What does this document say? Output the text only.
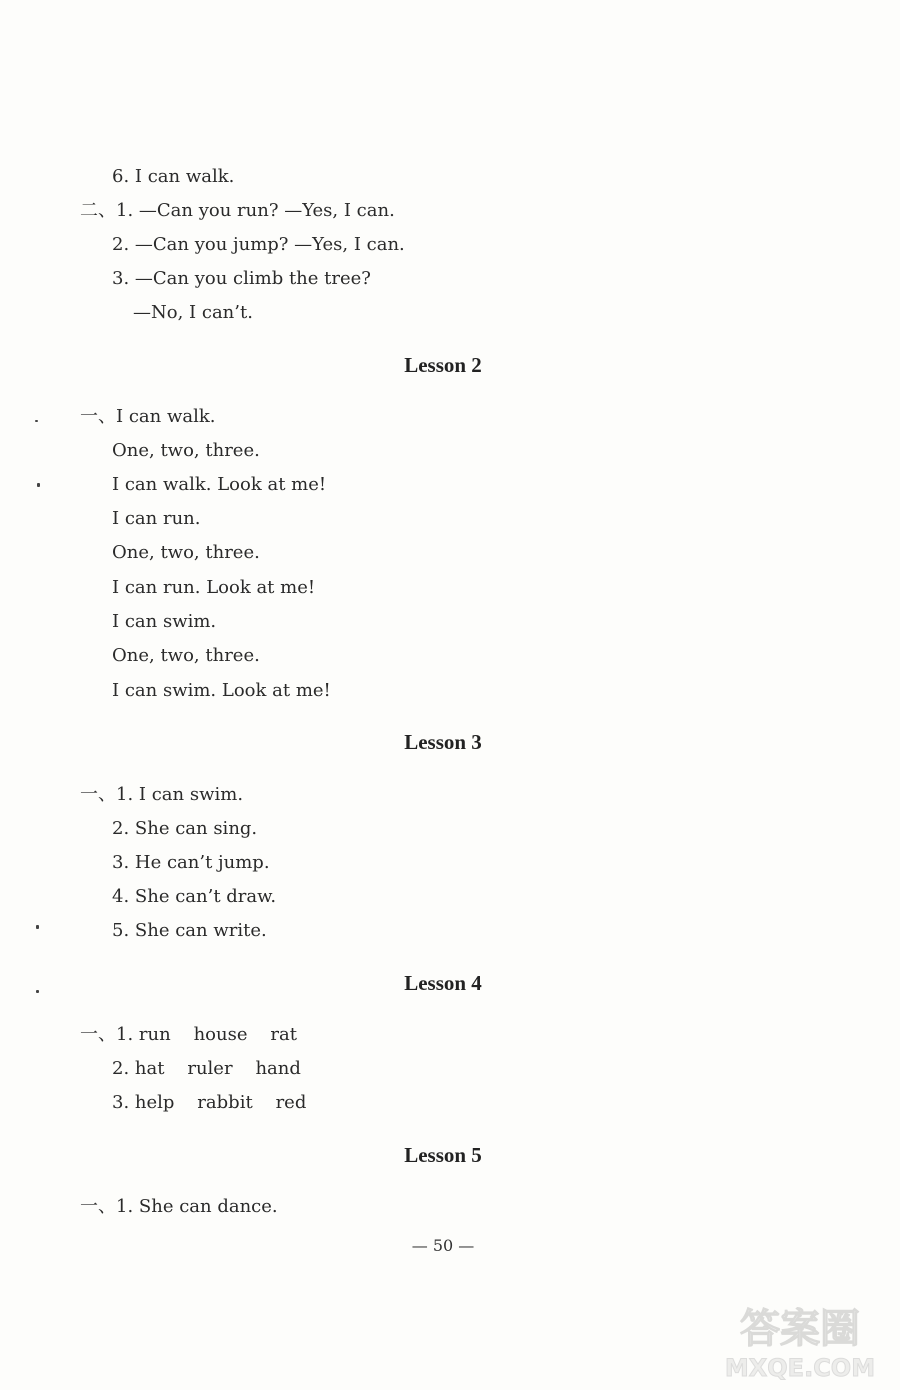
6. I can walk.
二、1. —Can you run? —Yes, I can.
2. —Can you jump? —Yes, I can.
3. —Can you climb the tree?
—No, I can’t.
Lesson 2
一、I can walk.
One, two, three.
I can walk. Look at me!
I can run.
One, two, three.
I can run. Look at me!
I can swim.
One, two, three.
I can swim. Look at me!
Lesson 3
一、1. I can swim.
2. She can sing.
3. He can’t jump.
4. She can’t draw.
5. She can write.
Lesson 4
一、1. run    house    rat
2. hat    ruler    hand
3. help    rabbit    red
Lesson 5
一、1. She can dance.
— 50 —
答案圈
MXQE.COM
